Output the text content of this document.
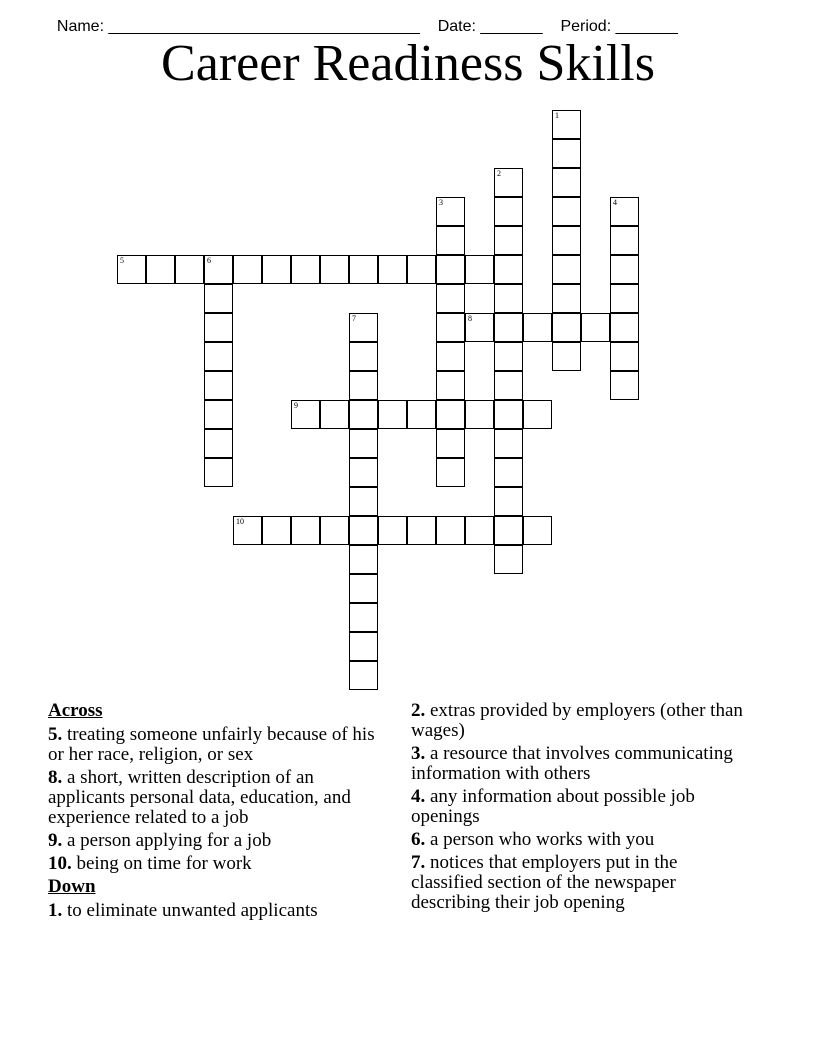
Name: ___________________________________ Date: _______ Period: _______

Career Readiness Skills
1
2
3	4
5	6
7	8
9
10
Across
5. treating someone unfairly because of his or her race, religion, or sex
8. a short, written description of an applicants personal data, education, and experience related to a job
9. a person applying for a job
10. being on time for work
Down
1. to eliminate unwanted applicants
2. extras provided by employers (other than wages)
3. a resource that involves communicating information with others
4. any information about possible job openings
6. a person who works with you
7. notices that employers put in the classified section of the newspaper describing their job opening
